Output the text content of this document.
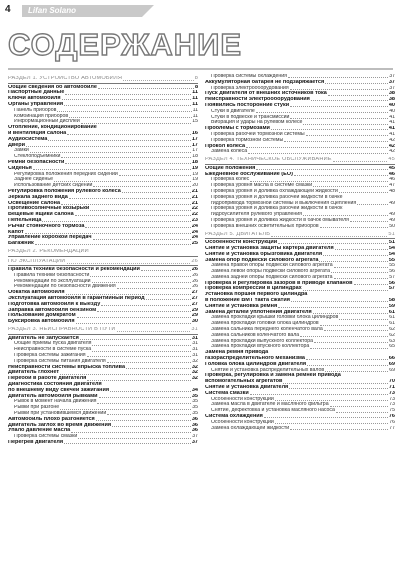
4	Lifan Solano
СОДЕРЖАНИЕ
РАЗДЕЛ 1. УСТРОЙСТВО АВТОМОБИЛЯ	8
Общие сведения об автомобиле	8
Паспортные данные	11
Ключи автомобиля	11
Органы управления	11
Панель приборов	11
Комбинация приборов	11
Информационный дисплей	15
Отопление, кондиционирование
и вентиляция салона	16
Аудиосистема	17
Двери	17
Замки	17
Стеклоподъемники	18
Ремни безопасности	18
Сиденья	19
Регулировка положения передних сидений	19
Заднее сиденье	19
Использование детских сидений	20
Регулировка положения рулевого колеса	21
Зеркала заднего вида	21
Освещение салона	21
Противосолнечные козырьки	22
Вещевые ящики салона	22
Пепельница	23
Рычаг стояночного тормоза	24
Капот	24
Управление коробкой передач	24
Багажник	25
РАЗДЕЛ 2. РЕКОМЕНДАЦИИ
ПО ЭКСПЛУАТАЦИИ	26
Правила техники безопасности и рекомендации	26
Правила техники безопасности	26
Рекомендации по эксплуатации	26
Рекомендации по безопасности движения	26
Обкатка автомобиля	27
Эксплуатация автомобиля в гарантийный период	27
Подготовка автомобиля к выезду	27
Заправка автомобиля бензином	29
Пользование домкратом	29
Буксировка автомобиля	30
РАЗДЕЛ 3. НЕИСПРАВНОСТИ В ПУТИ	31
Двигатель не запускается	31
Общие приемы пуска двигателя	31
Неисправности в системе пуска	31
Проверка системы зажигания	31
Проверка системы питания двигателя	32
Неисправности системы впрыска топлива	32
Двигатель глохнет	32
Перебои в работе двигателя	32
Диагностика состояния двигателя
по внешнему виду свечей зажигания	34
Двигатель автомобиля рывками	35
Рывок в момент начала движения	35
Рывки при разгоне	35
Рывки при установившемся движении	35
Автомобиль плохо разгоняется	36
Двигатель заглох во время движения	36
Упало давление масла	36
Проверка системы смазки	37
Перегрев двигателя	37
Проверка системы охлаждения	37
Аккумуляторная батарея не подзаряжается	37
Проверка электрооборудования	37
Пуск двигателя от внешних источников тока	38
Неисправности электрооборудования	38
Появились посторонние стуки	40
Стуки в двигателе	40
Стуки в подвеске и трансмиссии	41
Вибрация и удары на рулевом колесе	41
Проблемы с тормозами	41
Проверка рабочей тормозной системы	41
Проверка тормозной системы	42
Прокол колеса	42
Замена колеса	42
РАЗДЕЛ 4. ТЕХНИЧЕСКОЕ ОБСЛУЖИВАНИЕ	45
Общие положения	45
Ежедневное обслуживание (ЕО)	46
Проверка колес	46
Проверка уровня масла в системе смазки	47
Проверка уровня и доливка охлаждающей жидкости	48
Проверка уровня и доливка рабочей жидкости в бачке
гидропривода тормозной системы и выключения сцепления	49
Проверка уровня и доливка рабочей жидкости в бачок
гидроусилителя рулевого управления	49
Проверка уровня и доливка жидкости в бачок омывателя	49
Проверка внешних осветительных приборов	50
РАЗДЕЛ 5. ДВИГАТЕЛЬ	51
Особенности конструкции	51
Снятие и установка защиты картера двигателя	54
Снятие и установка брызговика двигателя	54
Замена опор подвески силового агрегата	55
Замена правой опоры подвески силового агрегата	55
Замена левой опоры подвески силового агрегата	56
Замена задней опоры подвески силового агрегата	57
Проверка и регулировка зазоров в приводе клапанов	56
Проверка компрессии в цилиндрах	57
Установка поршня первого цилиндра
в положение ВМТ такта сжатия	58
Снятие и установка ремня	59
Замена деталей уплотнения двигателя	61
Замена прокладки крышки головки блока цилиндров	61
Замена прокладки головки блока цилиндров	61
Замена сальника переднего коленчатого вала	62
Замена сальников коленчатого вала	62
Замена прокладки выпускного коллектора	63
Замена прокладки впускного коллектора	65
Замена ремня привода
газораспределительного механизма	66
Головка блока цилиндров двигателя	69
Снятие и установка распределительных валов	69
Проверка, регулировка и замена ремней привода
вспомогательных агрегатов	70
Снятие и установка двигателя	71
Система смазки	73
Особенности конструкции	73
Замена масла в двигателе и масляного фильтра	73
Снятие, дефектовка и установка масляного насоса	75
Система охлаждения	76
Особенности конструкции	76
Замена охлаждающей жидкости	77
